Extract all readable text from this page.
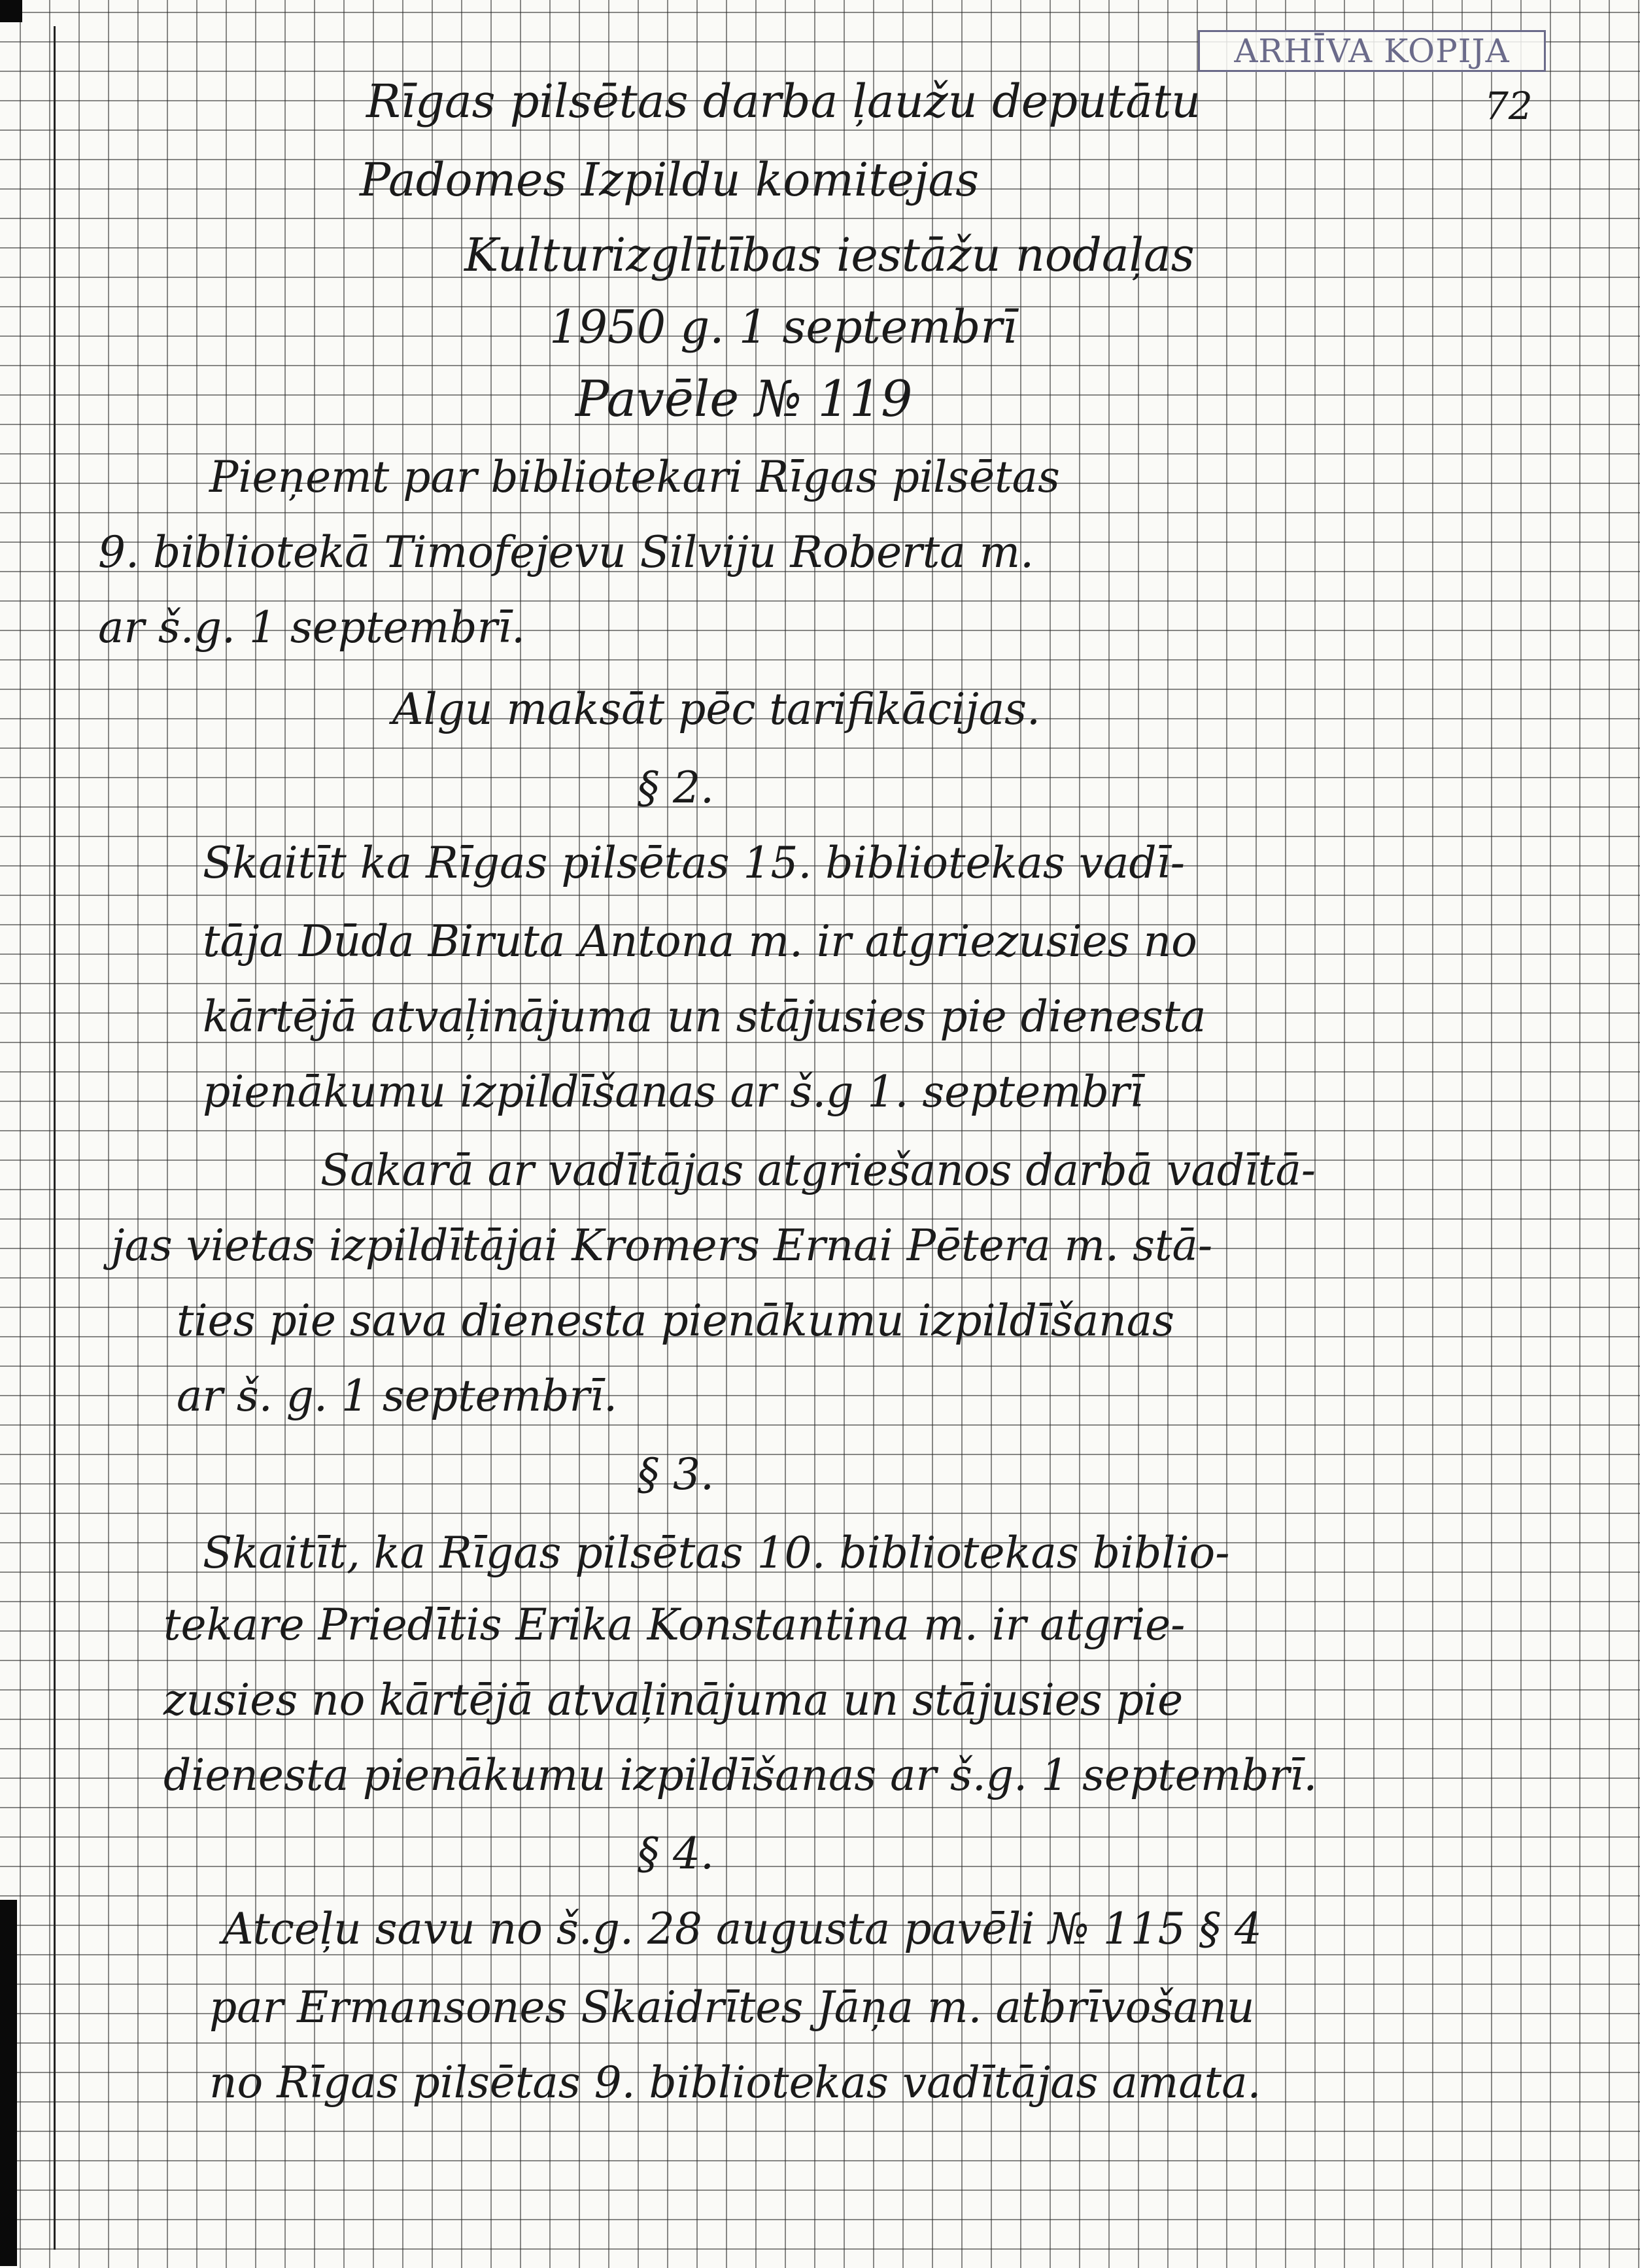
ARHĪVA KOPIJA
72
Rīgas pilsētas darba ļaužu deputātu
Padomes Izpildu komitejas
Kulturizglītības iestāžu nodaļas
1950 g. 1 septembrī
Pavēle № 119
Pieņemt par bibliotekari Rīgas pilsētas
9. bibliotekā Timofejevu Silviju Roberta m.
ar š.g. 1 septembrī.
Algu maksāt pēc tarifikācijas.
§ 2.
Skaitīt ka Rīgas pilsētas 15. bibliotekas vadī-
tāja Dūda Biruta Antona m. ir atgriezusies no
kārtējā atvaļinājuma un stājusies pie dienesta
pienākumu izpildīšanas ar š.g 1. septembrī
Sakarā ar vadītājas atgriešanos darbā vadītā-
jas vietas izpildītājai Kromers Ernai Pētera m. stā-
ties pie sava dienesta pienākumu izpildīšanas
ar š. g. 1 septembrī.
§ 3.
Skaitīt, ka Rīgas pilsētas 10. bibliotekas biblio-
tekare Priedītis Erika Konstantina m. ir atgrie-
zusies no kārtējā atvaļinājuma un stājusies pie
dienesta pienākumu izpildīšanas ar š.g. 1 septembrī.
§ 4.
Atceļu savu no š.g. 28 augusta pavēli № 115 § 4
par Ermansones Skaidrītes Jāņa m. atbrīvošanu
no Rīgas pilsētas 9. bibliotekas vadītājas amata.
